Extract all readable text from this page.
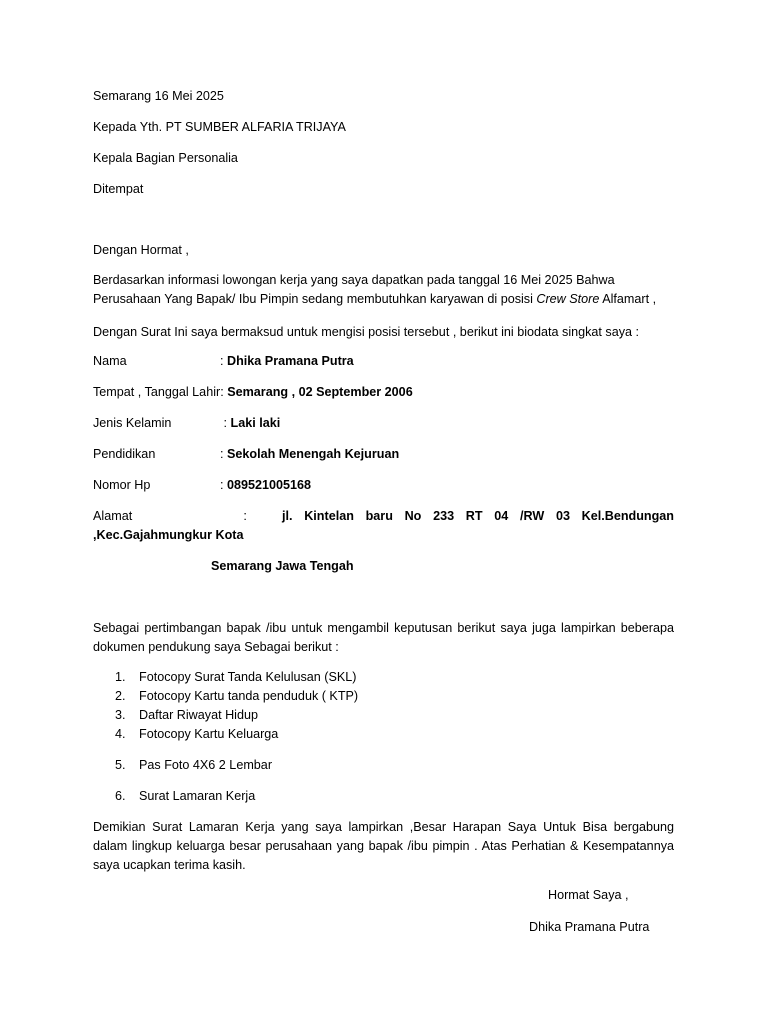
Semarang 16 Mei 2025
Kepada Yth. PT SUMBER ALFARIA TRIJAYA
Kepala Bagian Personalia
Ditempat
Dengan Hormat ,
Berdasarkan informasi lowongan kerja yang saya dapatkan pada tanggal 16 Mei 2025 Bahwa Perusahaan Yang Bapak/ Ibu Pimpin sedang membutuhkan karyawan di posisi Crew Store Alfamart ,
Dengan Surat Ini saya bermaksud untuk mengisi posisi tersebut , berikut ini biodata singkat saya :
Nama	: Dhika Pramana Putra
Tempat , Tanggal Lahir: Semarang , 02 September 2006
Jenis Kelamin	: Laki laki
Pendidikan	: Sekolah Menengah Kejuruan
Nomor Hp	: 089521005168
Alamat	:   jl. Kintelan baru No 233 RT 04 /RW 03 Kel.Bendungan ,Kec.Gajahmungkur Kota
Semarang Jawa Tengah
Sebagai pertimbangan bapak /ibu untuk mengambil keputusan berikut saya juga lampirkan beberapa dokumen pendukung saya Sebagai berikut :
1. Fotocopy Surat Tanda Kelulusan (SKL)
2. Fotocopy Kartu tanda penduduk ( KTP)
3. Daftar Riwayat Hidup
4. Fotocopy Kartu Keluarga
5. Pas Foto 4X6 2 Lembar
6. Surat Lamaran Kerja
Demikian Surat Lamaran Kerja yang saya lampirkan ,Besar Harapan Saya Untuk Bisa bergabung dalam lingkup keluarga besar perusahaan yang bapak /ibu pimpin . Atas Perhatian & Kesempatannya saya ucapkan terima kasih.
Hormat Saya ,
Dhika Pramana Putra
